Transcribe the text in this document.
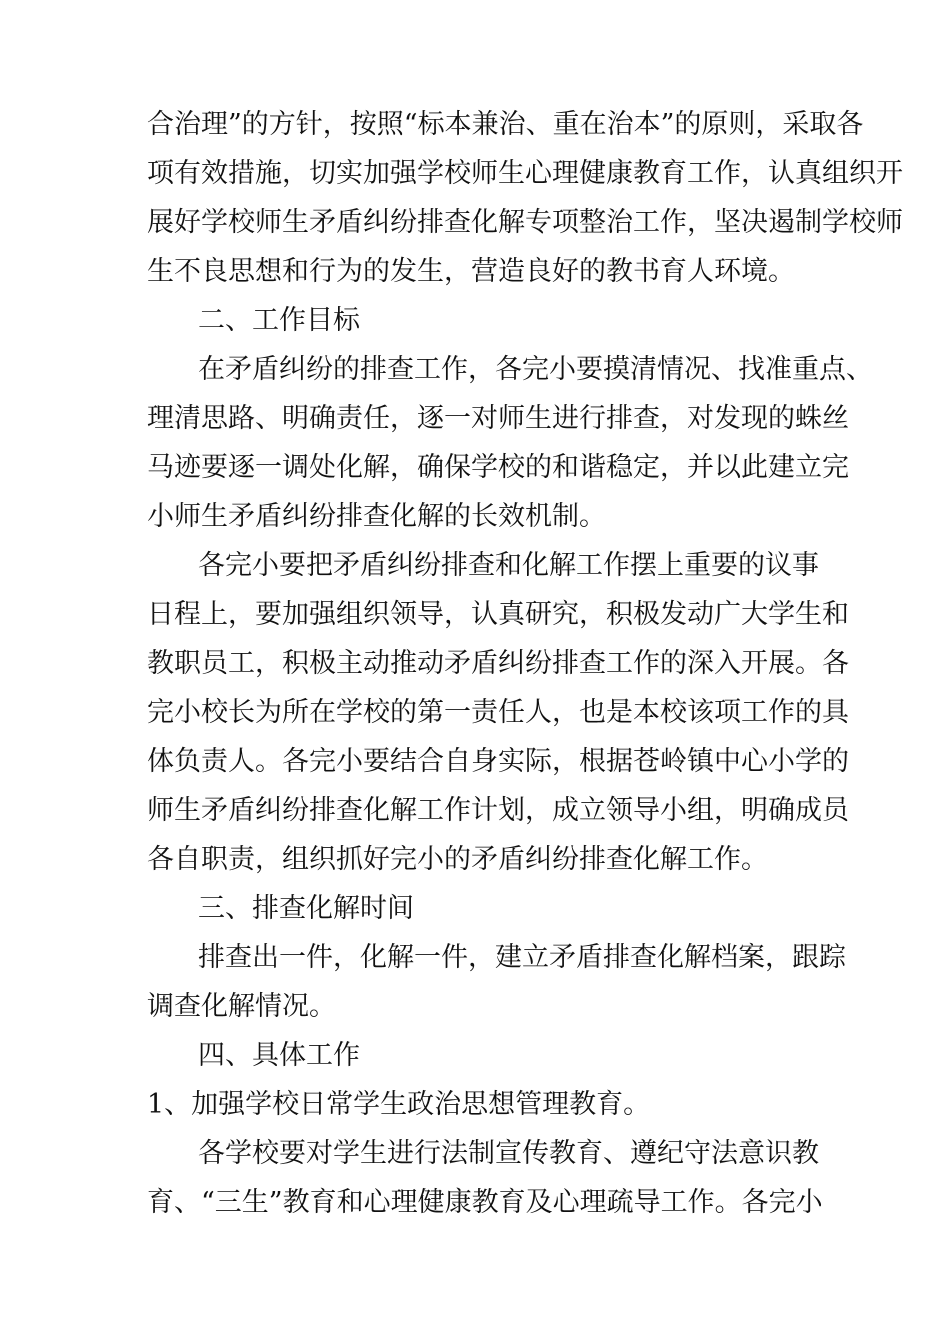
合治理”的方针，按照“标本兼治、重在治本”的原则，采取各
项有效措施，切实加强学校师生心理健康教育工作，认真组织开
展好学校师生矛盾纠纷排查化解专项整治工作，坚决遏制学校师
生不良思想和行为的发生，营造良好的教书育人环境。
二、工作目标
在矛盾纠纷的排查工作，各完小要摸清情况、找准重点、
理清思路、明确责任，逐一对师生进行排查，对发现的蛛丝
马迹要逐一调处化解，确保学校的和谐稳定，并以此建立完
小师生矛盾纠纷排查化解的长效机制。
各完小要把矛盾纠纷排查和化解工作摆上重要的议事
日程上，要加强组织领导，认真研究，积极发动广大学生和
教职员工，积极主动推动矛盾纠纷排查工作的深入开展。各
完小校长为所在学校的第一责任人，也是本校该项工作的具
体负责人。各完小要结合自身实际，根据苍岭镇中心小学的
师生矛盾纠纷排查化解工作计划，成立领导小组，明确成员
各自职责，组织抓好完小的矛盾纠纷排查化解工作。
三、排查化解时间
排查出一件，化解一件，建立矛盾排查化解档案，跟踪
调查化解情况。
四、具体工作
1、加强学校日常学生政治思想管理教育。
各学校要对学生进行法制宣传教育、遵纪守法意识教
育、“三生”教育和心理健康教育及心理疏导工作。各完小
